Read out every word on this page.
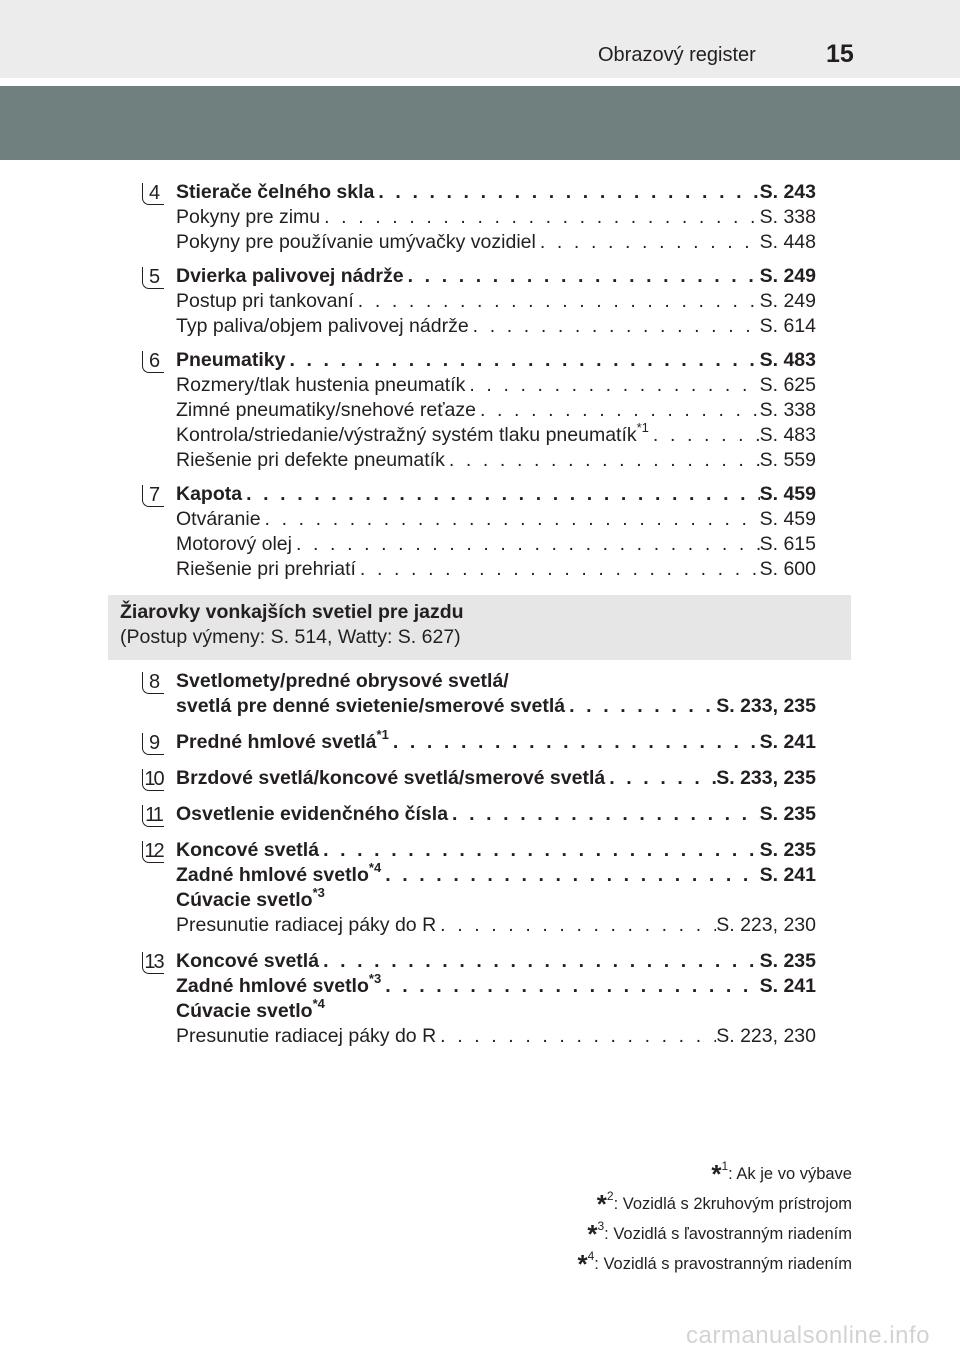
Obrazový register	15
4 Stierače čelného skla . . .	S. 243
Pokyny pre zimu . . .	S. 338
Pokyny pre používanie umývačky vozidiel . . .	S. 448
5 Dvierka palivovej nádrže . . .	S. 249
Postup pri tankovaní . . .	S. 249
Typ paliva/objem palivovej nádrže . . .	S. 614
6 Pneumatiky . . .	S. 483
Rozmery/tlak hustenia pneumatík . . .	S. 625
Zimné pneumatiky/snehové reťaze . . .	S. 338
Kontrola/striedanie/výstražný systém tlaku pneumatík$^{*1}$ . . .	S. 483
Riešenie pri defekte pneumatík . . .	S. 559
7 Kapota . . .	S. 459
Otváranie . . .	S. 459
Motorový olej . . .	S. 615
Riešenie pri prehriatí . . .	S. 600
Žiarovky vonkajších svetiel pre jazdu
(Postup výmeny: S. 514, Watty: S. 627)
8 Svetlomety/predné obrysové svetlá/
svetlá pre denné svietenie/smerové svetlá . . .	S. 233, 235
9 Predné hmlové svetlá$^{*1}$ . . .	S. 241
10 Brzdové svetlá/koncové svetlá/smerové svetlá . . .	S. 233, 235
11 Osvetlenie evidenčného čísla . . .	S. 235
12 Koncové svetlá . . .	S. 235
Zadné hmlové svetlo$^{*4}$ . . .	S. 241
Cúvacie svetlo$^{*3}$
Presunutie radiacej páky do R . . .	S. 223, 230
13 Koncové svetlá . . .	S. 235
Zadné hmlové svetlo$^{*3}$ . . .	S. 241
Cúvacie svetlo$^{*4}$
Presunutie radiacej páky do R . . .	S. 223, 230
*$^1$: Ak je vo výbave
*$^2$: Vozidlá s 2kruhovým prístrojom
*$^3$: Vozidlá s ľavostranným riadením
*$^4$: Vozidlá s pravostranným riadením
carmanualsonline.info
